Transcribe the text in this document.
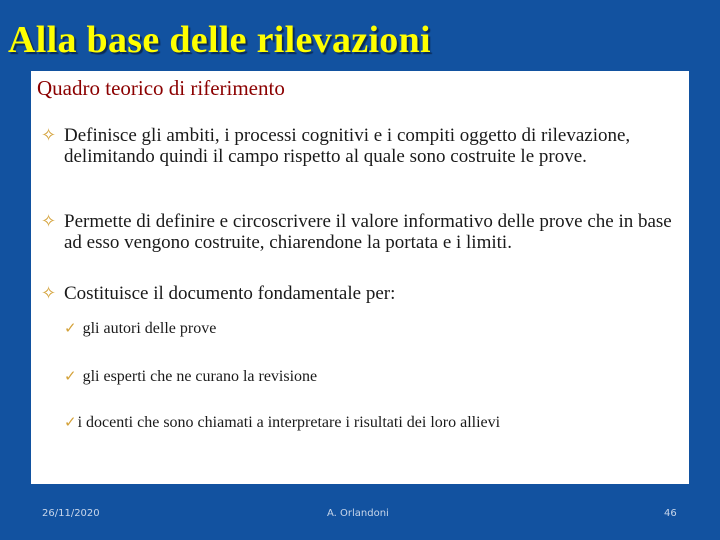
Alla base delle rilevazioni
Quadro teorico di riferimento
✧ Definisce gli ambiti, i processi cognitivi e i compiti oggetto di rilevazione, delimitando quindi il campo rispetto al quale sono costruite le prove.
✧ Permette di definire e circoscrivere il valore informativo delle prove che in base ad esso vengono costruite, chiarendone la portata e i limiti.
✧ Costituisce il documento fondamentale per:
✓ gli autori delle prove
✓ gli esperti che ne curano la revisione
✓i docenti che sono chiamati a interpretare i risultati dei loro allievi
26/11/2020	A. Orlandoni	46
